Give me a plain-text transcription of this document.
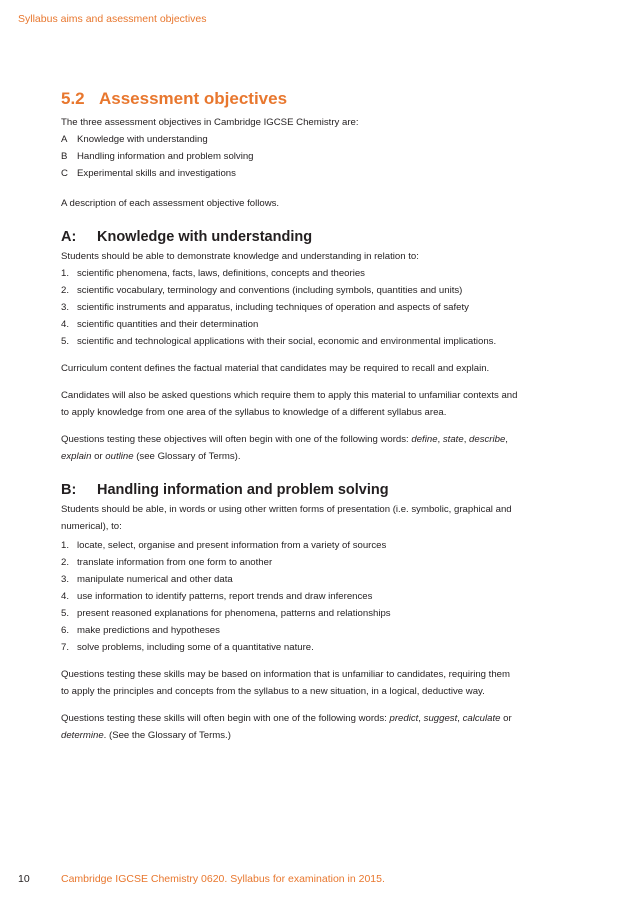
Syllabus aims and asessment objectives
5.2 Assessment objectives

The three assessment objectives in Cambridge IGCSE Chemistry are:

A Knowledge with understanding
B Handling information and problem solving
C Experimental skills and investigations

A description of each assessment objective follows.

A: Knowledge with understanding

Students should be able to demonstrate knowledge and understanding in relation to:

1. scientific phenomena, facts, laws, definitions, concepts and theories
2. scientific vocabulary, terminology and conventions (including symbols, quantities and units)
3. scientific instruments and apparatus, including techniques of operation and aspects of safety
4. scientific quantities and their determination
5. scientific and technological applications with their social, economic and environmental implications.

Curriculum content defines the factual material that candidates may be required to recall and explain.

Candidates will also be asked questions which require them to apply this material to unfamiliar contexts and

to apply knowledge from one area of the syllabus to knowledge of a different syllabus area.

Questions testing these objectives will often begin with one of the following words: define, state, describe,

explain or outline (see Glossary of Terms).

B: Handling information and problem solving

Students should be able, in words or using other written forms of presentation (i.e. symbolic, graphical and

numerical), to:

1. locate, select, organise and present information from a variety of sources
2. translate information from one form to another
3. manipulate numerical and other data
4. use information to identify patterns, report trends and draw inferences
5. present reasoned explanations for phenomena, patterns and relationships
6. make predictions and hypotheses
7. solve problems, including some of a quantitative nature.

Questions testing these skills may be based on information that is unfamiliar to candidates, requiring them

to apply the principles and concepts from the syllabus to a new situation, in a logical, deductive way.

Questions testing these skills will often begin with one of the following words: predict, suggest, calculate or

determine. (See the Glossary of Terms.)

10	Cambridge IGCSE Chemistry 0620. Syllabus for examination in 2015.
